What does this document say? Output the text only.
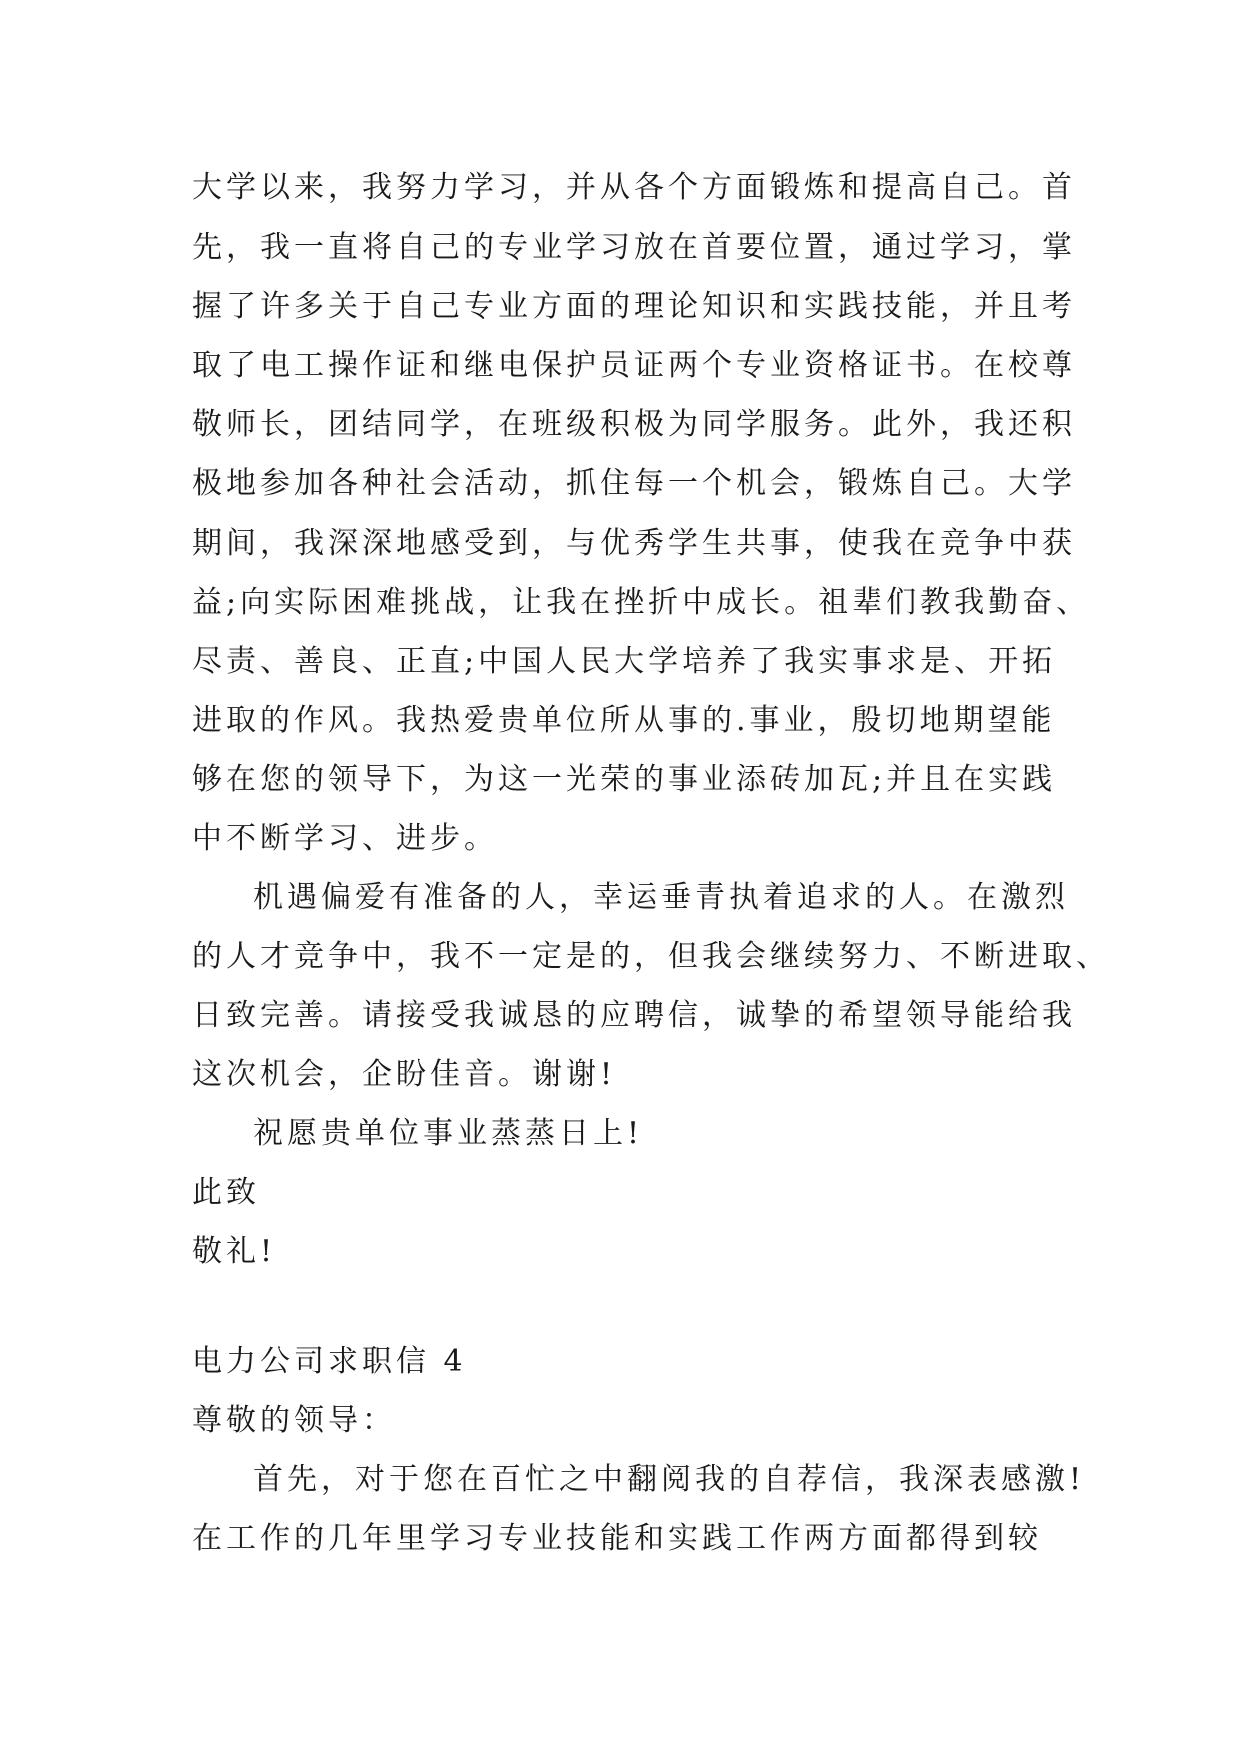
大学以来，我努力学习，并从各个方面锻炼和提高自己。首
先，我一直将自己的专业学习放在首要位置，通过学习，掌
握了许多关于自己专业方面的理论知识和实践技能，并且考
取了电工操作证和继电保护员证两个专业资格证书。在校尊
敬师长，团结同学，在班级积极为同学服务。此外，我还积
极地参加各种社会活动，抓住每一个机会，锻炼自己。大学
期间，我深深地感受到，与优秀学生共事，使我在竞争中获
益;向实际困难挑战，让我在挫折中成长。祖辈们教我勤奋、
尽责、善良、正直;中国人民大学培养了我实事求是、开拓
进取的作风。我热爱贵单位所从事的.事业，殷切地期望能
够在您的领导下，为这一光荣的事业添砖加瓦;并且在实践
中不断学习、进步。
机遇偏爱有准备的人，幸运垂青执着追求的人。在激烈
的人才竞争中，我不一定是的，但我会继续努力、不断进取、
日致完善。请接受我诚恳的应聘信，诚挚的希望领导能给我
这次机会，企盼佳音。谢谢!
祝愿贵单位事业蒸蒸日上!
此致
敬礼!
电力公司求职信 4
尊敬的领导：
首先，对于您在百忙之中翻阅我的自荐信，我深表感激!
在工作的几年里学习专业技能和实践工作两方面都得到较
